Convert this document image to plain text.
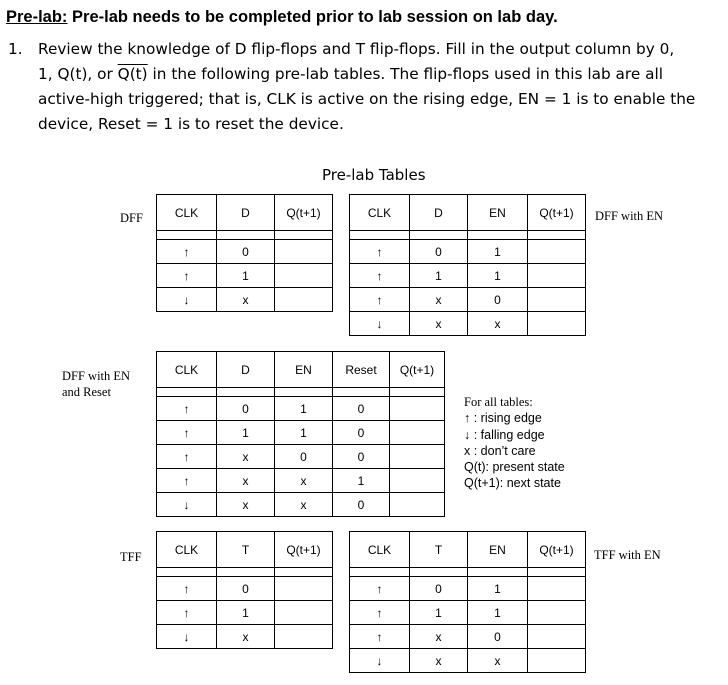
Pre-lab: Pre-lab needs to be completed prior to lab session on lab day.
1. Review the knowledge of D flip-flops and T flip-flops. Fill in the output column by 0,
1, Q(t), or Q(t) in the following pre-lab tables. The flip-flops used in this lab are all
active-high triggered; that is, CLK is active on the rising edge, EN = 1 is to enable the
device, Reset = 1 is to reset the device.
Pre-lab Tables
DFF	DFF with EN
DFF with EN
and Reset
TFF	TFF with EN
CLK	D	Q(t+1)

↑	0	
↑	1	
↓	x	
CLK	D	EN	Q(t+1)

↑	0	1	
↑	1	1	
↑	x	0	
↓	x	x	
CLK	D	EN	Reset	Q(t+1)

↑	0	1	0	
↑	1	1	0	
↑	x	0	0	
↑	x	x	1	
↓	x	x	0	
For all tables:
↑ : rising edge
↓ : falling edge
x : don’t care
Q(t): present state
Q(t+1): next state
CLK	T	Q(t+1)

↑	0	
↑	1	
↓	x	
CLK	T	EN	Q(t+1)

↑	0	1	
↑	1	1	
↑	x	0	
↓	x	x	
